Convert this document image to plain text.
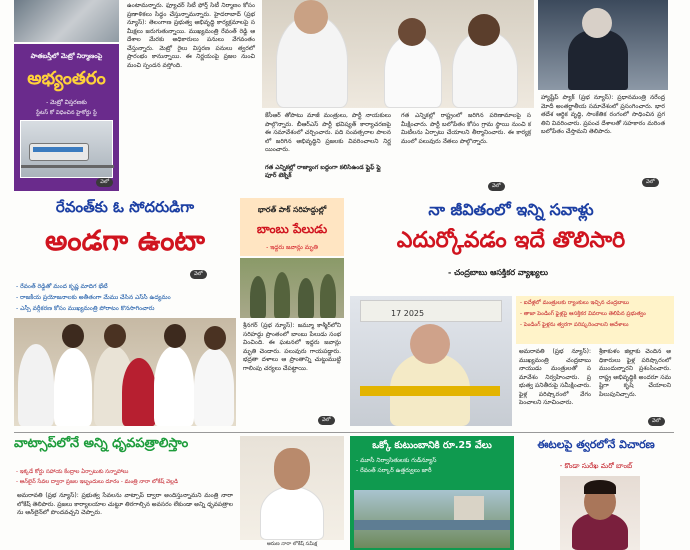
పాతబస్తీలో మెట్రో నిర్మాణంపై
అభ్యంతరం
- మెట్రో విస్తరణకు
స్టేటస్‌ కో విధించిన హైకోర్టు స్టే
వెలో
ఉంటామన్నారు. ఫ్యూచర్‌ సిటీ ఫోర్త్‌ సిటీ నిర్మాణం కోసం ప్రణాళికలు సిద్ధం చేస్తున్నామన్నారు. హైదరాబాద్‌ (ప్రభ న్యూస్‌): తెలంగాణ ప్రభుత్వ అభివృద్ధి కార్యక్రమాలపై సమీక్షలు జరుగుతున్నాయి. ముఖ్యమంత్రి రేవంత్‌ రెడ్డి ఆదేశాల మేరకు అధికారులు పనులు వేగవంతం చేస్తున్నారు. మెట్రో రైలు విస్తరణ పనులు త్వరలో ప్రారంభం కానున్నాయి. ఈ నిర్ణయంపై ప్రజల నుంచి మంచి స్పందన వస్తోంది.
కేసీఆర్‌ తోపాటు మాజీ మంత్రులు, పార్టీ నాయకులు పాల్గొన్నారు. బీఆర్‌ఎస్‌ పార్టీ భవిష్యత్‌ కార్యాచరణపై ఈ సమావేశంలో చర్చించారు. పది సంవత్సరాల పాలనలో జరిగిన అభివృద్ధిని ప్రజలకు వివరించాలని నిర్ణయించారు.
గత ఎన్నికల్లో రాష్ట్రంలో జరిగిన పరిణామాలపై సమీక్షించారు. పార్టీ బలోపేతం కోసం గ్రామ స్థాయి నుంచి కమిటీలను ఏర్పాటు చేయాలని తీర్మానించారు. ఈ కార్యక్రమంలో పలువురు నేతలు పాల్గొన్నారు.
గత ఎన్నికల్లో రాజ్యాంగ బద్దంగా కలిసిఉండ ఫ్లైఫ్‌ ఫ్లై పూర్‌ టెక్నిక్‌
వెలో
హ్యాష్టేప్‌ ప్యాక్‌ (ప్రభ న్యూస్‌): ప్రధానమంత్రి నరేంద్ర మోదీ అంతర్జాతీయ సమావేశంలో ప్రసంగించారు. భారతదేశ ఆర్థిక వృద్ధి, సాంకేతిక రంగంలో సాధించిన ప్రగతిని వివరించారు. ప్రపంచ దేశాలతో సహకారం మరింత బలోపేతం చేస్తామని తెలిపారు.
వెలో
రేవంత్‌కు ఓ సోదరుడిగా
అండగా ఉంటా
వెలో
- రేవంత్‌ రెడ్డితో మంద కృష్ణ మాదిగ భేటీ
- రాజకీయ ప్రయోజనాలకు అతీతంగా మేము చేసిన ఎస్‌సీ ఉద్యమం
- ఎస్సీ వర్గీకరణ కోసం ముఖ్యమంత్రి పోరాటం కొనసాగించారు
భారత్‌ పాక్‌ సరిహద్దుల్లో
బాంబు పేలుడు
- ఇద్దరు జవాన్లు మృతి
శ్రీనగర్‌ (ప్రభ న్యూస్‌): జమ్మూ కాశ్మీర్‌లోని సరిహద్దు ప్రాంతంలో బాంబు పేలుడు సంభవించింది. ఈ ఘటనలో ఇద్దరు జవాన్లు మృతి చెందారు. పలువురు గాయపడ్డారు. భద్రతా దళాలు ఆ ప్రాంతాన్ని చుట్టుముట్టి గాలింపు చర్యలు చేపట్టాయి.
వెలో
నా జీవితంలో ఇన్ని సవాళ్లు
ఎదుర్కోవడం ఇదే తొలిసారి
- చంద్రబాబు ఆసక్తికర వ్యాఖ్యలు
17 2025
- ఐదేళ్లలో మంత్రులకు ర్యాంకులు ఇచ్చిన చంద్రబాబు
- తాజా పెండింగ్‌ ఫైళ్లపై ఆసక్తికర వివరాలు తెలిపిన ప్రభుత్వం
- పెండింగ్‌ ఫైళ్లను త్వరగా పరిష్కరించాలని ఆదేశాలు
అమరావతి (ప్రభ న్యూస్‌): ముఖ్యమంత్రి చంద్రబాబు నాయుడు మంత్రులతో సమావేశం నిర్వహించారు. ప్రభుత్వ పనితీరుపై సమీక్షించారు. ఫైళ్ల పరిష్కారంలో వేగం పెంచాలని సూచించారు.
శ్రీకాకుళం జిల్లాకు చెందిన అధికారులు ఫైళ్ల పరిష్కారంలో ముందున్నారని ప్రశంసించారు. రాష్ట్ర అభివృద్ధికి అందరూ సమష్టిగా కృషి చేయాలని పిలుపునిచ్చారు.
వెలో
వాట్సాప్‌లోనే అన్ని ధృవపత్రాలిస్తాం
- ఇక్కడే కోర్టు సహాయ కేంద్రాల ఏర్పాటుకు సన్నాహాలు
- ఆన్‌లైన్‌ సేవల ద్వారా ప్రజల ఇబ్బందులు దూరం - మంత్రి నారా లోకేష్‌ వెల్లడి
అమరావతి (ప్రభ న్యూస్‌): ప్రభుత్వ సేవలను వాట్సాప్‌ ద్వారా అందిస్తున్నామని మంత్రి నారా లోకేష్‌ తెలిపారు. ప్రజలు కార్యాలయాల చుట్టూ తిరగాల్సిన అవసరం లేకుండా అన్ని ధృవపత్రాలను ఆన్‌లైన్‌లో పొందవచ్చని చెప్పారు.
ఆరుణ నారా లోకేష్‌ సమీక్ష
ఒక్కో కుటుంబానికి రూ.25 వేలు
- మూసీ నిర్వాసితులకు గుడ్‌న్యూస్‌
- రేవంత్‌ సర్కార్‌ ఉత్తర్వులు జారీ
ఈటలపై త్వరలోనే విచారణ
- కొండా సురేఖ మరో బాంబ్‌
